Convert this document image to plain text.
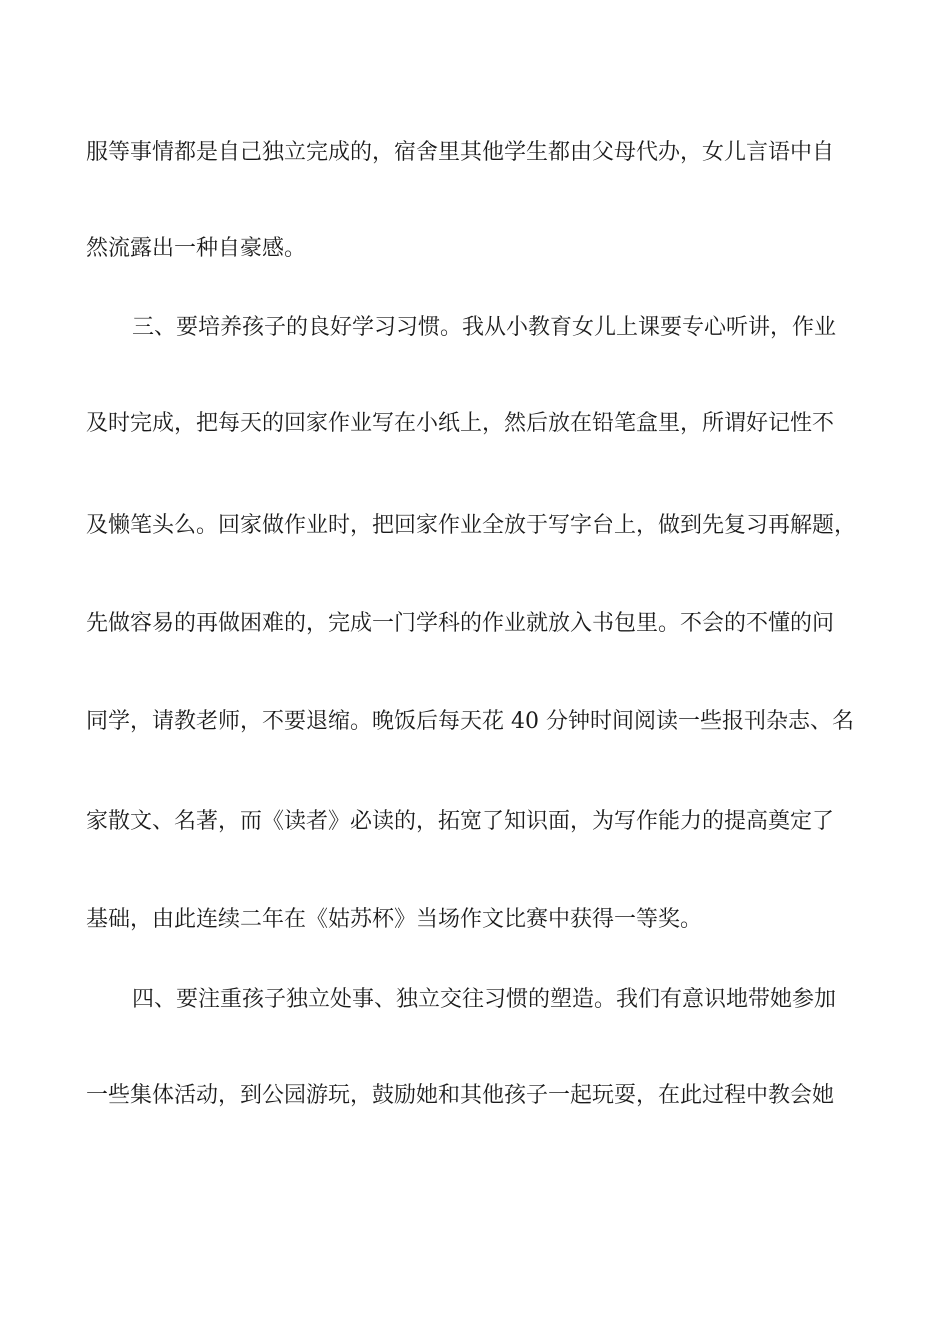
服等事情都是自己独立完成的，宿舍里其他学生都由父母代办，女儿言语中自
然流露出一种自豪感。
三、要培养孩子的良好学习习惯。我从小教育女儿上课要专心听讲，作业
及时完成，把每天的回家作业写在小纸上，然后放在铅笔盒里，所谓好记性不
及懒笔头么。回家做作业时，把回家作业全放于写字台上，做到先复习再解题，
先做容易的再做困难的，完成一门学科的作业就放入书包里。不会的不懂的问
同学，请教老师，不要退缩。晚饭后每天花 40 分钟时间阅读一些报刊杂志、名
家散文、名著，而《读者》必读的，拓宽了知识面，为写作能力的提高奠定了
基础，由此连续二年在《姑苏杯》当场作文比赛中获得一等奖。
四、要注重孩子独立处事、独立交往习惯的塑造。我们有意识地带她参加
一些集体活动，到公园游玩，鼓励她和其他孩子一起玩耍，在此过程中教会她
